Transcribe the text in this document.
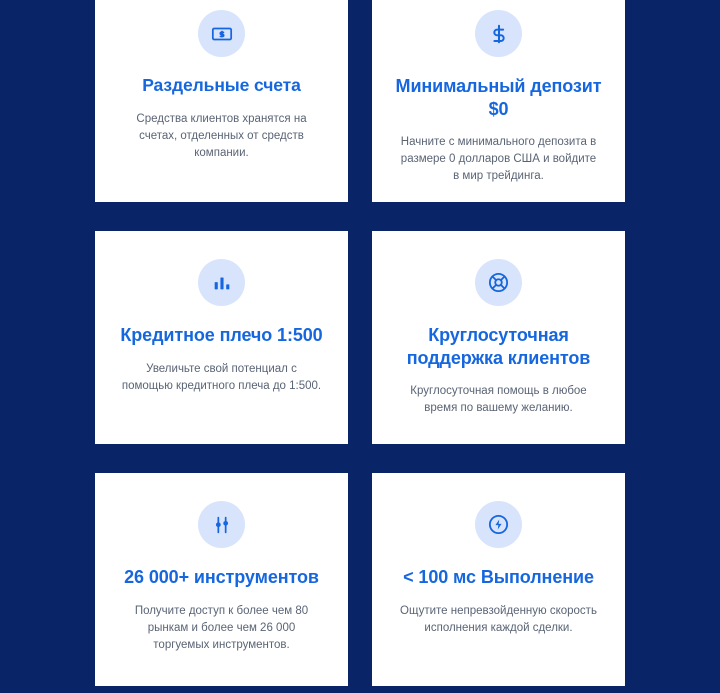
Раздельные счета

Средства клиентов хранятся на счетах, отделенных от средств компании.

Минимальный депозит $0

Начните с минимального депозита в размере 0 долларов США и войдите в мир трейдинга.

Кредитное плечо 1:500

Увеличьте свой потенциал с помощью кредитного плеча до 1:500.

Круглосуточная поддержка клиентов

Круглосуточная помощь в любое время по вашему желанию.

26 000+ инструментов

Получите доступ к более чем 80 рынкам и более чем 26 000 торгуемых инструментов.

< 100 мс Выполнение

Ощутите непревзойденную скорость исполнения каждой сделки.
